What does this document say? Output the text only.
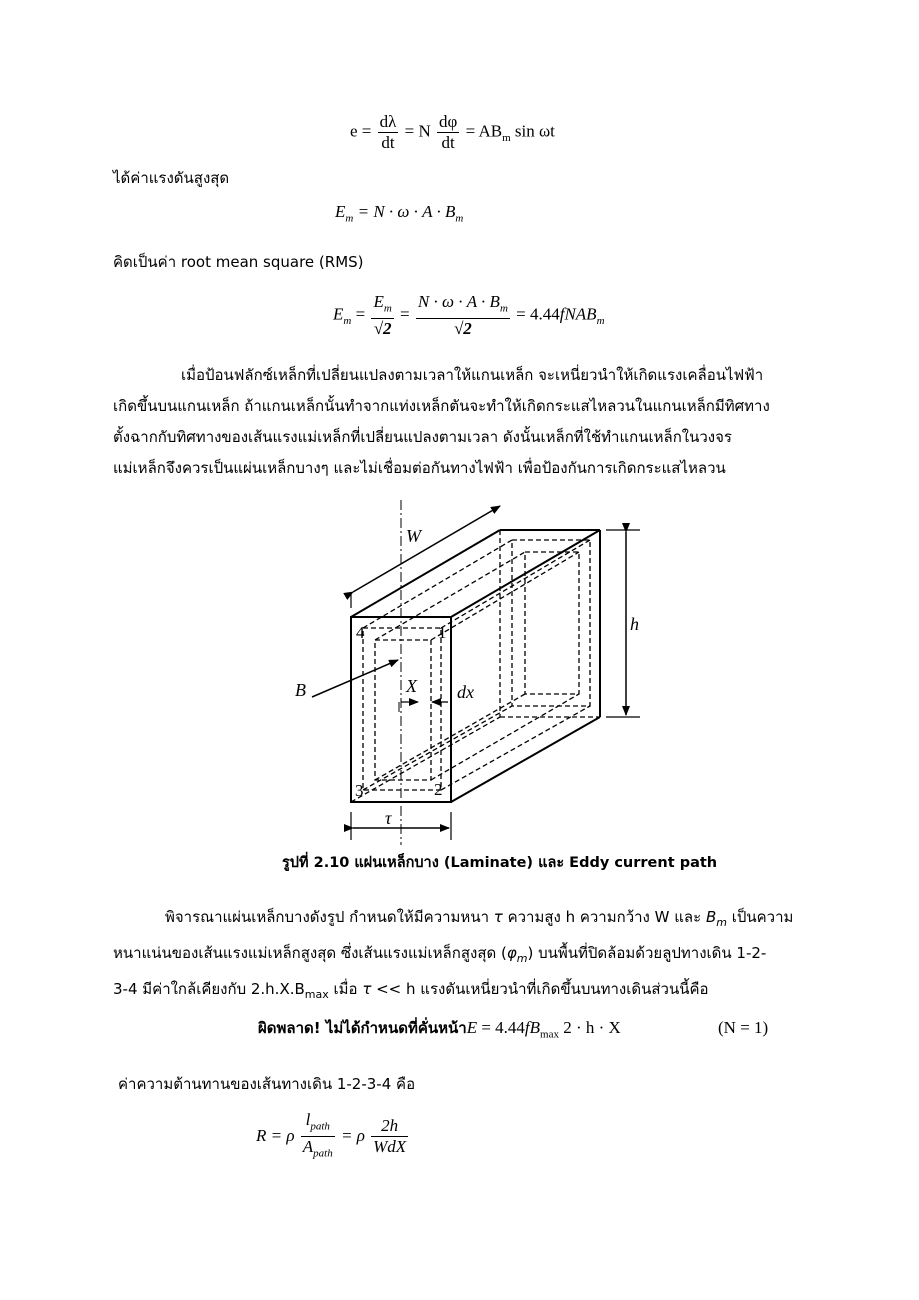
$e = \frac{d\lambda}{dt} = N \frac{d\varphi}{dt} = AB_m$ sin ωt
ได้ค่าแรงดันสูงสุด
$E_m = N \cdot \omega \cdot A \cdot B_m$
คิดเป็นค่า root mean square (RMS)
$E_m = \frac{E_m}{√2} = \frac{N \cdot \omega \cdot A \cdot B_m}{√2}$ = 4.44fNAB$_m$

เมื่อป้อนฟลักซ์เหล็กที่เปลี่ยนแปลงตามเวลาให้แกนเหล็ก จะเหนี่ยวนำให้เกิดแรงเคลื่อนไฟฟ้า

เกิดขึ้นบนแกนเหล็ก ถ้าแกนเหล็กนั้นทำจากแท่งเหล็กตันจะทำให้เกิดกระแสไหลวนในแกนเหล็กมีทิศทาง

ตั้งฉากกับทิศทางของเส้นแรงแม่เหล็กที่เปลี่ยนแปลงตามเวลา ดังนั้นเหล็กที่ใช้ทำแกนเหล็กในวงจร

แม่เหล็กจึงควรเป็นแผ่นเหล็กบางๆ และไม่เชื่อมต่อกันทางไฟฟ้า เพื่อป้องกันการเกิดกระแสไหลวน

W
h
B	X dx
τ
1
2
3
4
รูปที่ 2.10 แผ่นเหล็กบาง (Laminate) และ Eddy current path

พิจารณาแผ่นเหล็กบางดังรูป กำหนดให้มีความหนา τ ความสูง h ความกว้าง W และ $B_m$ เป็นความ

หนาแน่นของเส้นแรงแม่เหล็กสูงสุด ซึ่งเส้นแรงแม่เหล็กสูงสุด $(\varphi_m)$ บนพื้นที่ปิดล้อมด้วยลูปทางเดิน 1-2-

3-4 มีค่าใกล้เคียงกับ $2.h.X.B_{max}$ เมื่อ τ << h แรงดันเหนี่ยวนำที่เกิดขึ้นบนทางเดินส่วนนี้คือ

ผิดพลาด! ไม่ได้กำหนดที่คั่นหน้า$E = 4.44fB_{max}$ 2 · h · X	(N = 1)
ค่าความต้านทานของเส้นทางเดิน 1-2-3-4 คือ
R = ρ $\frac{l_{path}}{A_{path}} = \rho \frac{2h}{\text{WdX}}$
